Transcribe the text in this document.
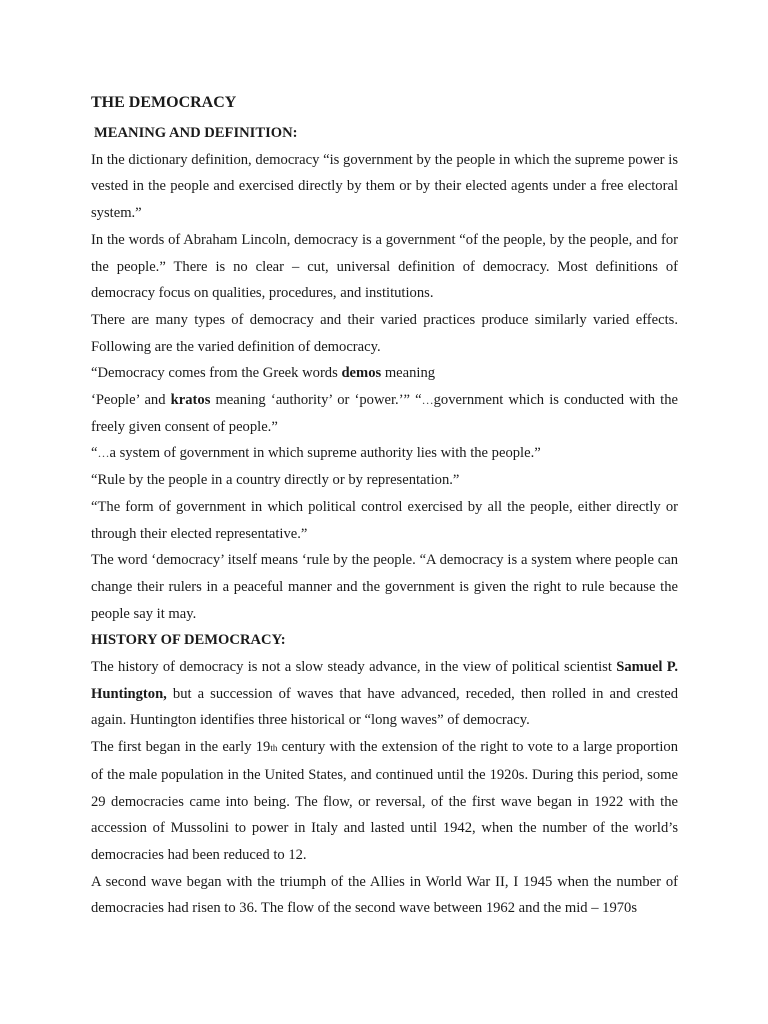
THE DEMOCRACY
MEANING AND DEFINITION:

In the dictionary definition, democracy “is government by the people in which the supreme power is vested in the people and exercised directly by them or by their elected agents under a free electoral system.”

In the words of Abraham Lincoln, democracy is a government “of the people, by the people, and for the people.” There is no clear – cut, universal definition of democracy. Most definitions of democracy focus on qualities, procedures, and institutions.

There are many types of democracy and their varied practices produce similarly varied effects. Following are the varied definition of democracy.

“Democracy comes from the Greek words demos meaning

‘People’ and kratos meaning ‘authority’ or ‘power.’” “…government which is conducted with the freely given consent of people.”

“…a system of government in which supreme authority lies with the people.”

“Rule by the people in a country directly or by representation.”

“The form of government in which political control exercised by all the people, either directly or through their elected representative.”

The word ‘democracy’ itself means ‘rule by the people. “A democracy is a system where people can change their rulers in a peaceful manner and the government is given the right to rule because the people say it may.

HISTORY OF DEMOCRACY:

The history of democracy is not a slow steady advance, in the view of political scientist Samuel P. Huntington, but a succession of waves that have advanced, receded, then rolled in and crested again. Huntington identifies three historical or “long waves” of democracy.

The first began in the early 19th century with the extension of the right to vote to a large proportion of the male population in the United States, and continued until the 1920s. During this period, some 29 democracies came into being. The flow, or reversal, of the first wave began in 1922 with the accession of Mussolini to power in Italy and lasted until 1942, when the number of the world’s democracies had been reduced to 12.

A second wave began with the triumph of the Allies in World War II, I 1945 when the number of democracies had risen to 36. The flow of the second wave between 1962 and the mid – 1970s
